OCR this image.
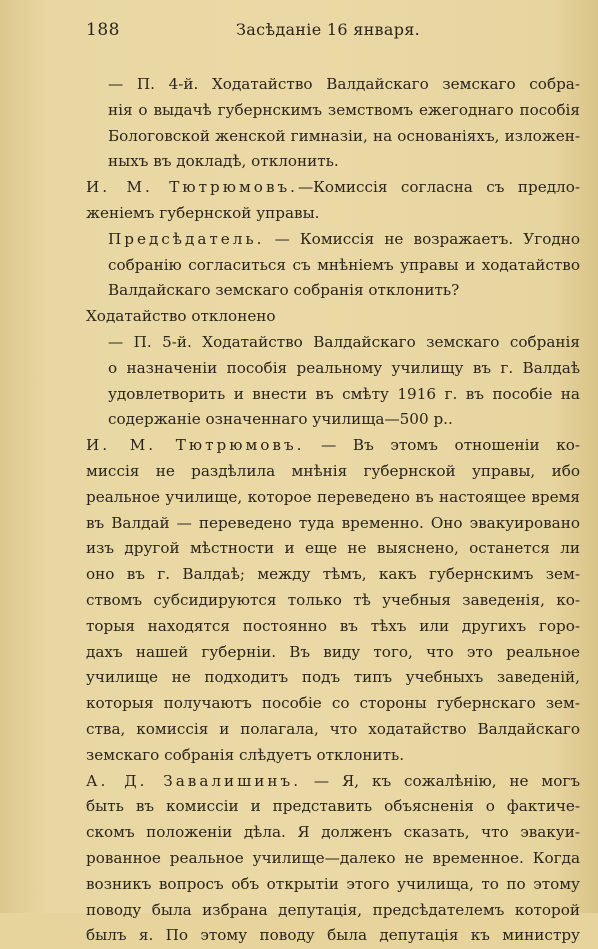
188	Засѣданіе 16 января.

— П. 4-й. Ходатайство Валдайскаго земскаго собра-
нія о выдачѣ губернскимъ земствомъ ежегоднаго пособія
Бологовской женской гимназіи, на основаніяхъ, изложен-
ныхъ въ докладѣ, отклонить.

И. М. Тютрюмовъ.—Комиссія согласна съ предло-
женіемъ губернской управы.

Предсѣдатель. — Комиссія не возражаетъ. Угодно
собранію согласиться съ мнѣніемъ управы и ходатайство
Валдайскаго земскаго собранія отклонить?

Ходатайство отклонено

— П. 5-й. Ходатайство Валдайскаго земскаго собранія
о назначеніи пособія реальному училищу въ г. Валдаѣ
удовлетворить и внести въ смѣту 1916 г. въ пособіе на
содержаніе означеннаго училища—500 р..

И. М. Тютрюмовъ. — Въ этомъ отношеніи ко-
миссія не раздѣлила мнѣнія губернской управы, ибо
реальное училище, которое переведено въ настоящее время
въ Валдай — переведено туда временно. Оно эвакуировано
изъ другой мѣстности и еще не выяснено, останется ли
оно въ г. Валдаѣ; между тѣмъ, какъ губернскимъ зем-
ствомъ субсидируются только тѣ учебныя заведенія, ко-
торыя находятся постоянно въ тѣхъ или другихъ горо-
дахъ нашей губерніи. Въ виду того, что это реальное
училище не подходитъ подъ типъ учебныхъ заведеній,
которыя получаютъ пособіе со стороны губернскаго зем-
ства, комиссія и полагала, что ходатайство Валдайскаго
земскаго собранія слѣдуетъ отклонить.

А. Д. Завалишинъ. — Я, къ сожалѣнію, не могъ
быть въ комиссіи и представить объясненія о фактиче-
скомъ положеніи дѣла. Я долженъ сказать, что эвакуи-
рованное реальное училище—далеко не временное. Когда
возникъ вопросъ объ открытіи этого училища, то по этому
поводу была избрана депутація, предсѣдателемъ которой
былъ я. По этому поводу была депутація къ министру
